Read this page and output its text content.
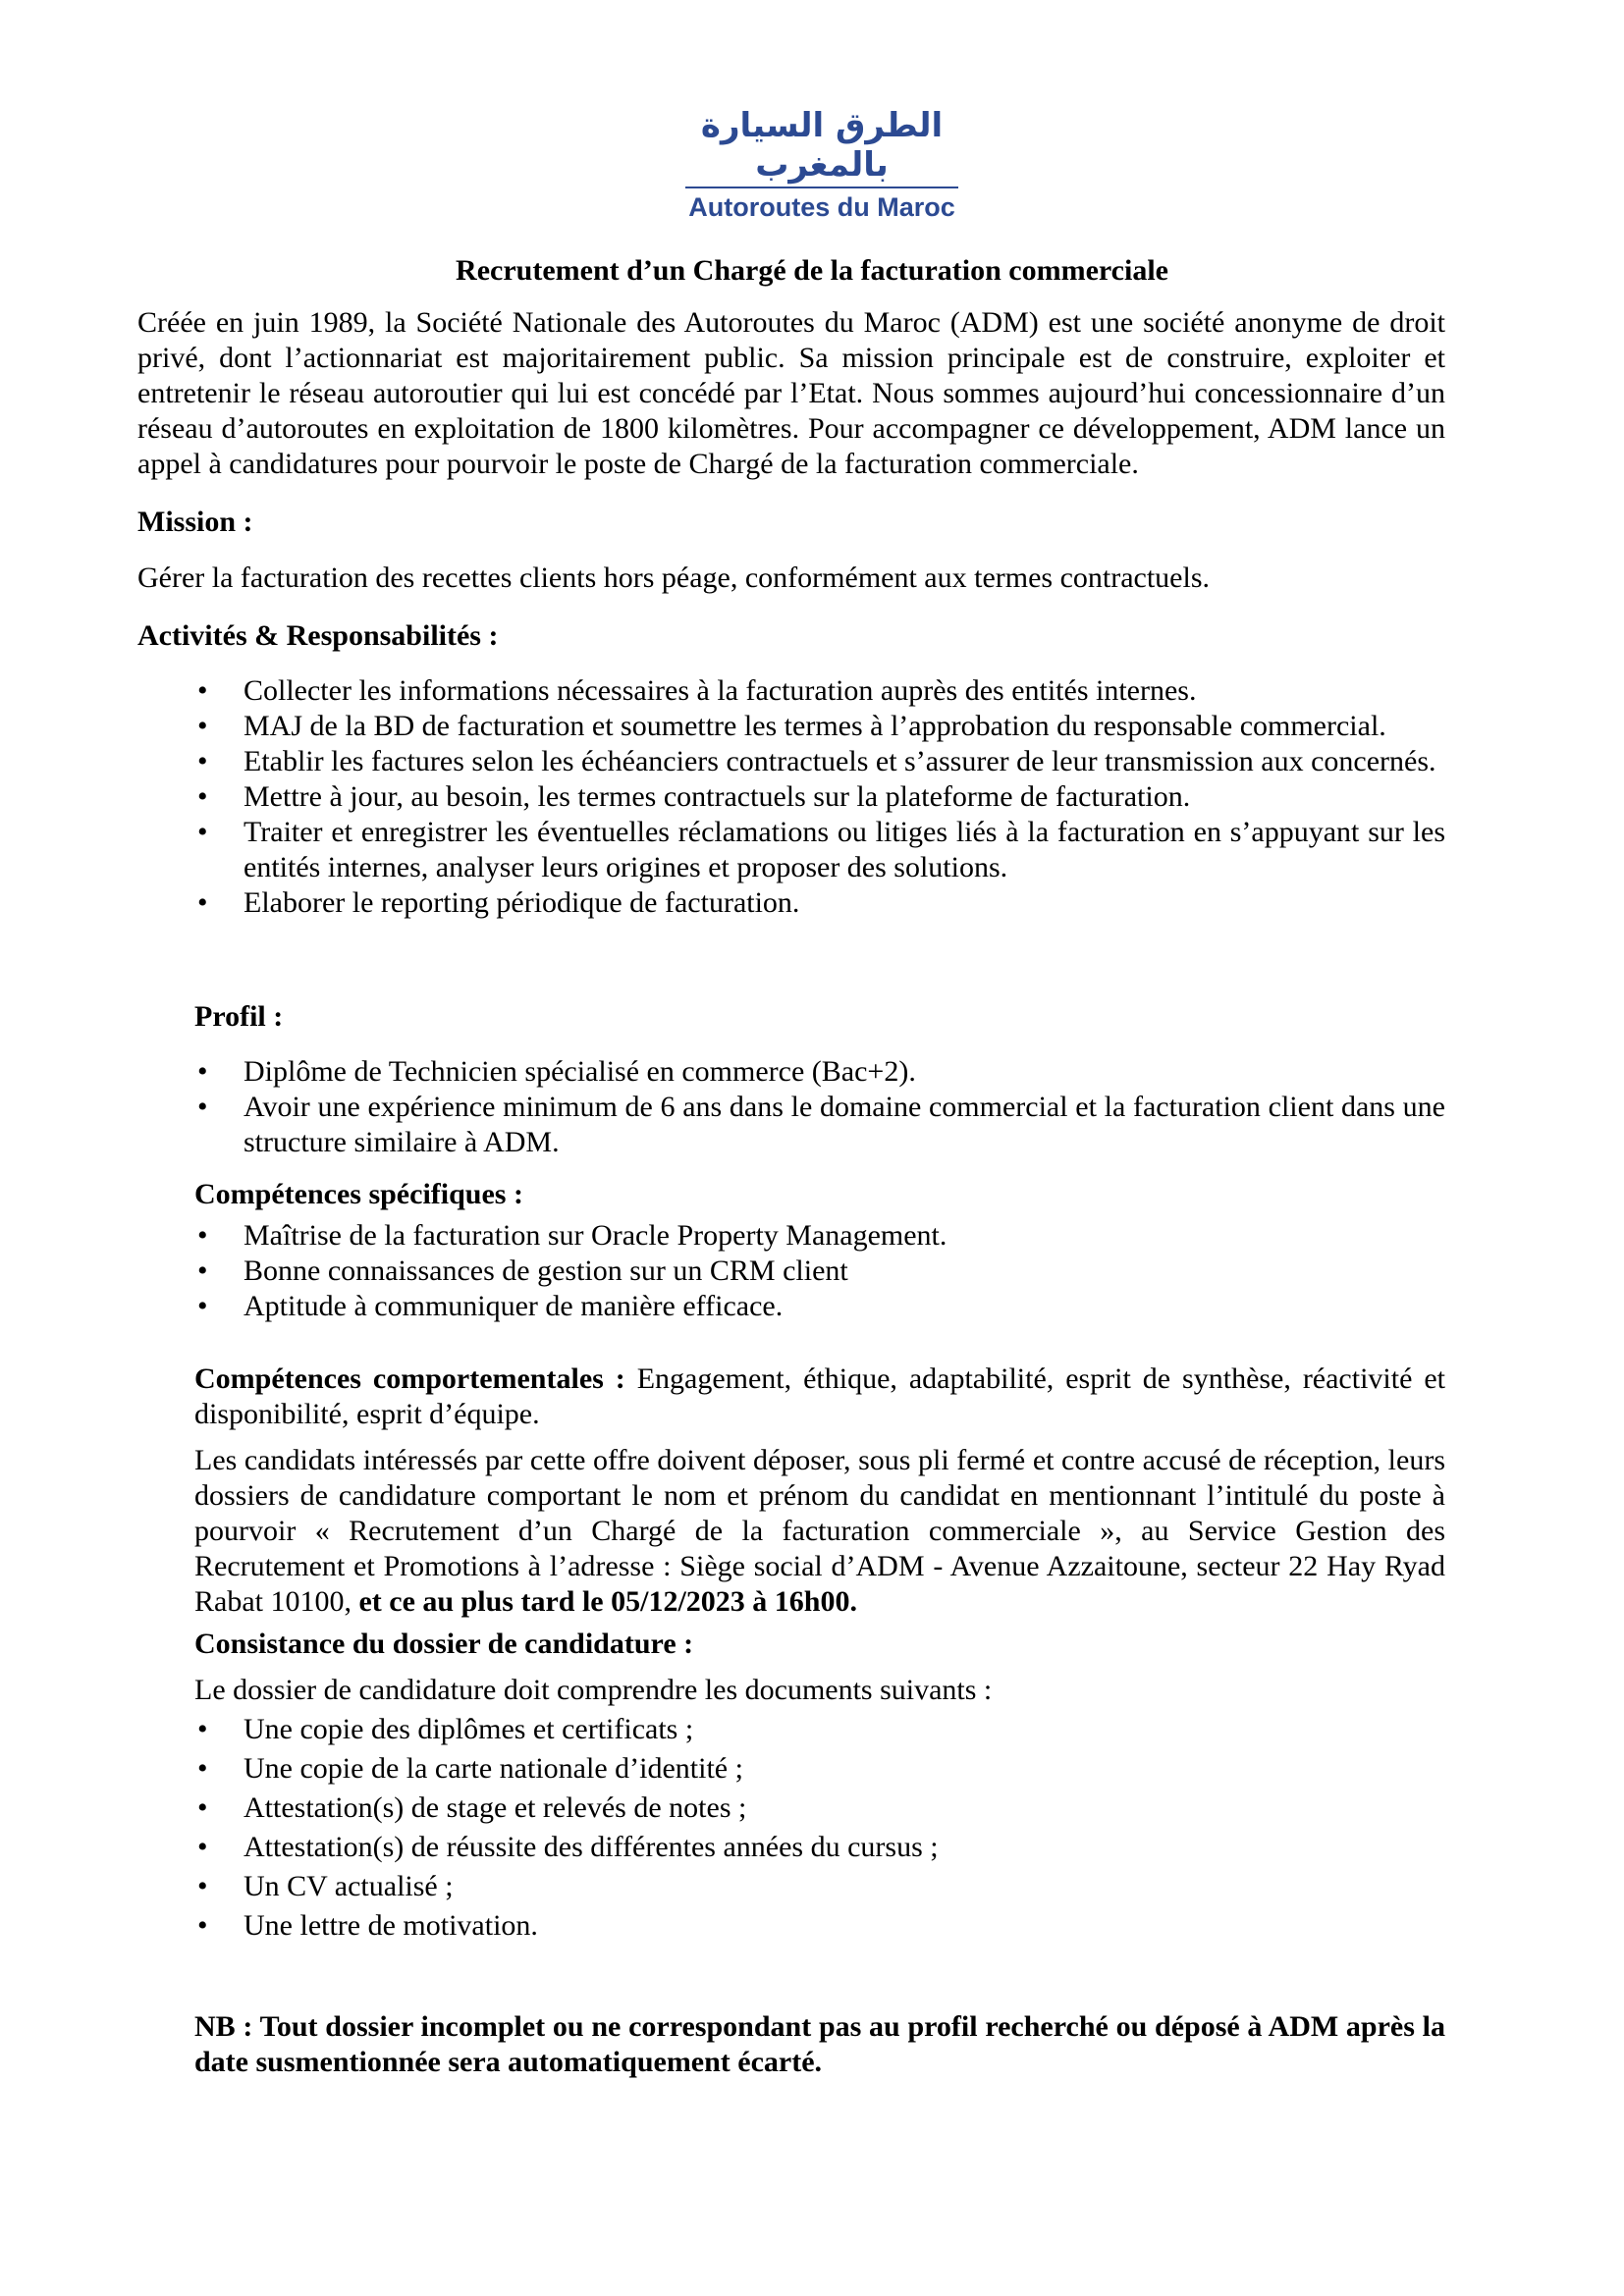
الطرق السيارة بالمغرب
Autoroutes du Maroc
Recrutement d’un Chargé de la facturation commerciale

Créée en juin 1989, la Société Nationale des Autoroutes du Maroc (ADM) est une société anonyme de droit privé, dont l’actionnariat est majoritairement public. Sa mission principale est de construire, exploiter et entretenir le réseau autoroutier qui lui est concédé par l’Etat. Nous sommes aujourd’hui concessionnaire d’un réseau d’autoroutes en exploitation de 1800 kilomètres. Pour accompagner ce développement, ADM lance un appel à candidatures pour pourvoir le poste de Chargé de la facturation commerciale.

Mission :

Gérer la facturation des recettes clients hors péage, conformément aux termes contractuels.

Activités & Responsabilités :

• Collecter les informations nécessaires à la facturation auprès des entités internes.
• MAJ de la BD de facturation et soumettre les termes à l’approbation du responsable commercial.
• Etablir les factures selon les échéanciers contractuels et s’assurer de leur transmission aux concernés.
• Mettre à jour, au besoin, les termes contractuels sur la plateforme de facturation.
• Traiter et enregistrer les éventuelles réclamations ou litiges liés à la facturation en s’appuyant sur les entités internes, analyser leurs origines et proposer des solutions.
• Elaborer le reporting périodique de facturation.

Profil :

• Diplôme de Technicien spécialisé en commerce (Bac+2).
• Avoir une expérience minimum de 6 ans dans le domaine commercial et la facturation client dans une structure similaire à ADM.

Compétences spécifiques :

• Maîtrise de la facturation sur Oracle Property Management.
• Bonne connaissances de gestion sur un CRM client
• Aptitude à communiquer de manière efficace.

Compétences comportementales : Engagement, éthique, adaptabilité, esprit de synthèse, réactivité et disponibilité, esprit d’équipe.

Les candidats intéressés par cette offre doivent déposer, sous pli fermé et contre accusé de réception, leurs dossiers de candidature comportant le nom et prénom du candidat en mentionnant l’intitulé du poste à pourvoir « Recrutement d’un Chargé de la facturation commerciale », au Service Gestion des Recrutement et Promotions à l’adresse : Siège social d’ADM - Avenue Azzaitoune, secteur 22 Hay Ryad Rabat 10100, et ce au plus tard le 05/12/2023 à 16h00.

Consistance du dossier de candidature :

Le dossier de candidature doit comprendre les documents suivants :

• Une copie des diplômes et certificats ;
• Une copie de la carte nationale d’identité ;
• Attestation(s) de stage et relevés de notes ;
• Attestation(s) de réussite des différentes années du cursus ;
• Un CV actualisé ;
• Une lettre de motivation.

NB : Tout dossier incomplet ou ne correspondant pas au profil recherché ou déposé à ADM après la date susmentionnée sera automatiquement écarté.
